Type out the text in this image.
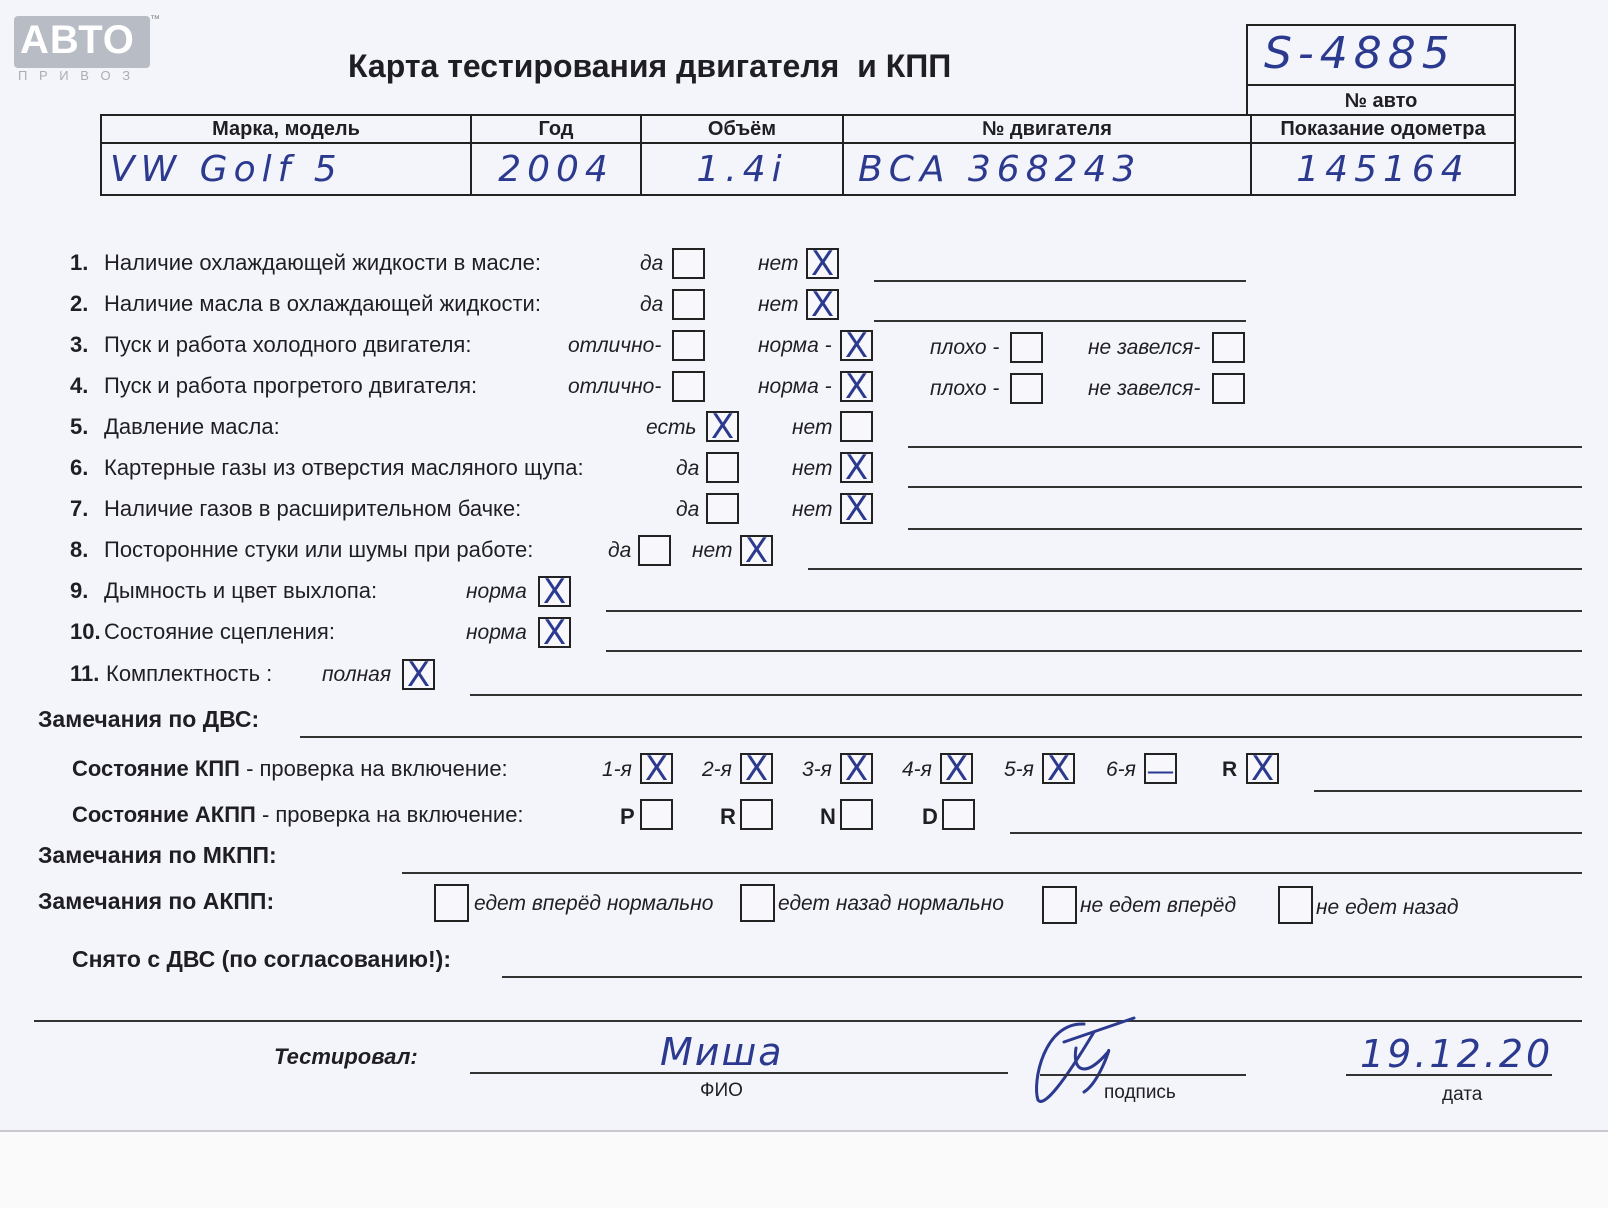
АВТО ™
П Р И В О З	Карта тестирования двигателя  и КПП	S-4885
№ авто
Марка, модель	Год	Объём	№ двигателя	Показание одометра
VW Golf 5	2004	1.4i	BCA 368243	145164
1. Наличие охлаждающей жидкости в масле:	да	нет X
2. Наличие масла в охлаждающей жидкости:	да	нет X
3. Пуск и работа холодного двигателя:	отлично-	норма - X	плохо -	не завелся-
4. Пуск и работа прогретого двигателя:	отлично-	норма - X	плохо -	не завелся-
5. Давление масла:	есть X	нет
6. Картерные газы из отверстия масляного щупа:	да	нет X
7. Наличие газов в расширительном бачке:	да	нет X
8. Посторонние стуки или шумы при работе:	да	нет X
9. Дымность и цвет выхлопа:	норма X
10. Состояние сцепления:	норма X
11. Комплектность : полная X
Замечания по ДВС:
Состояние КПП - проверка на включение:	1-я X 2-я X 3-я X 4-я X 5-я X 6-я — R X
Состояние АКПП - проверка на включение:	P	R	N	D
Замечания по МКПП:
Замечания по АКПП:	едет вперёд нормально	едет назад нормально	не едет вперёд	не едет назад
Снято с ДВС (по согласованию!):
Тестировал:	Миша
ФИО	подпись
19.12.20
дата
